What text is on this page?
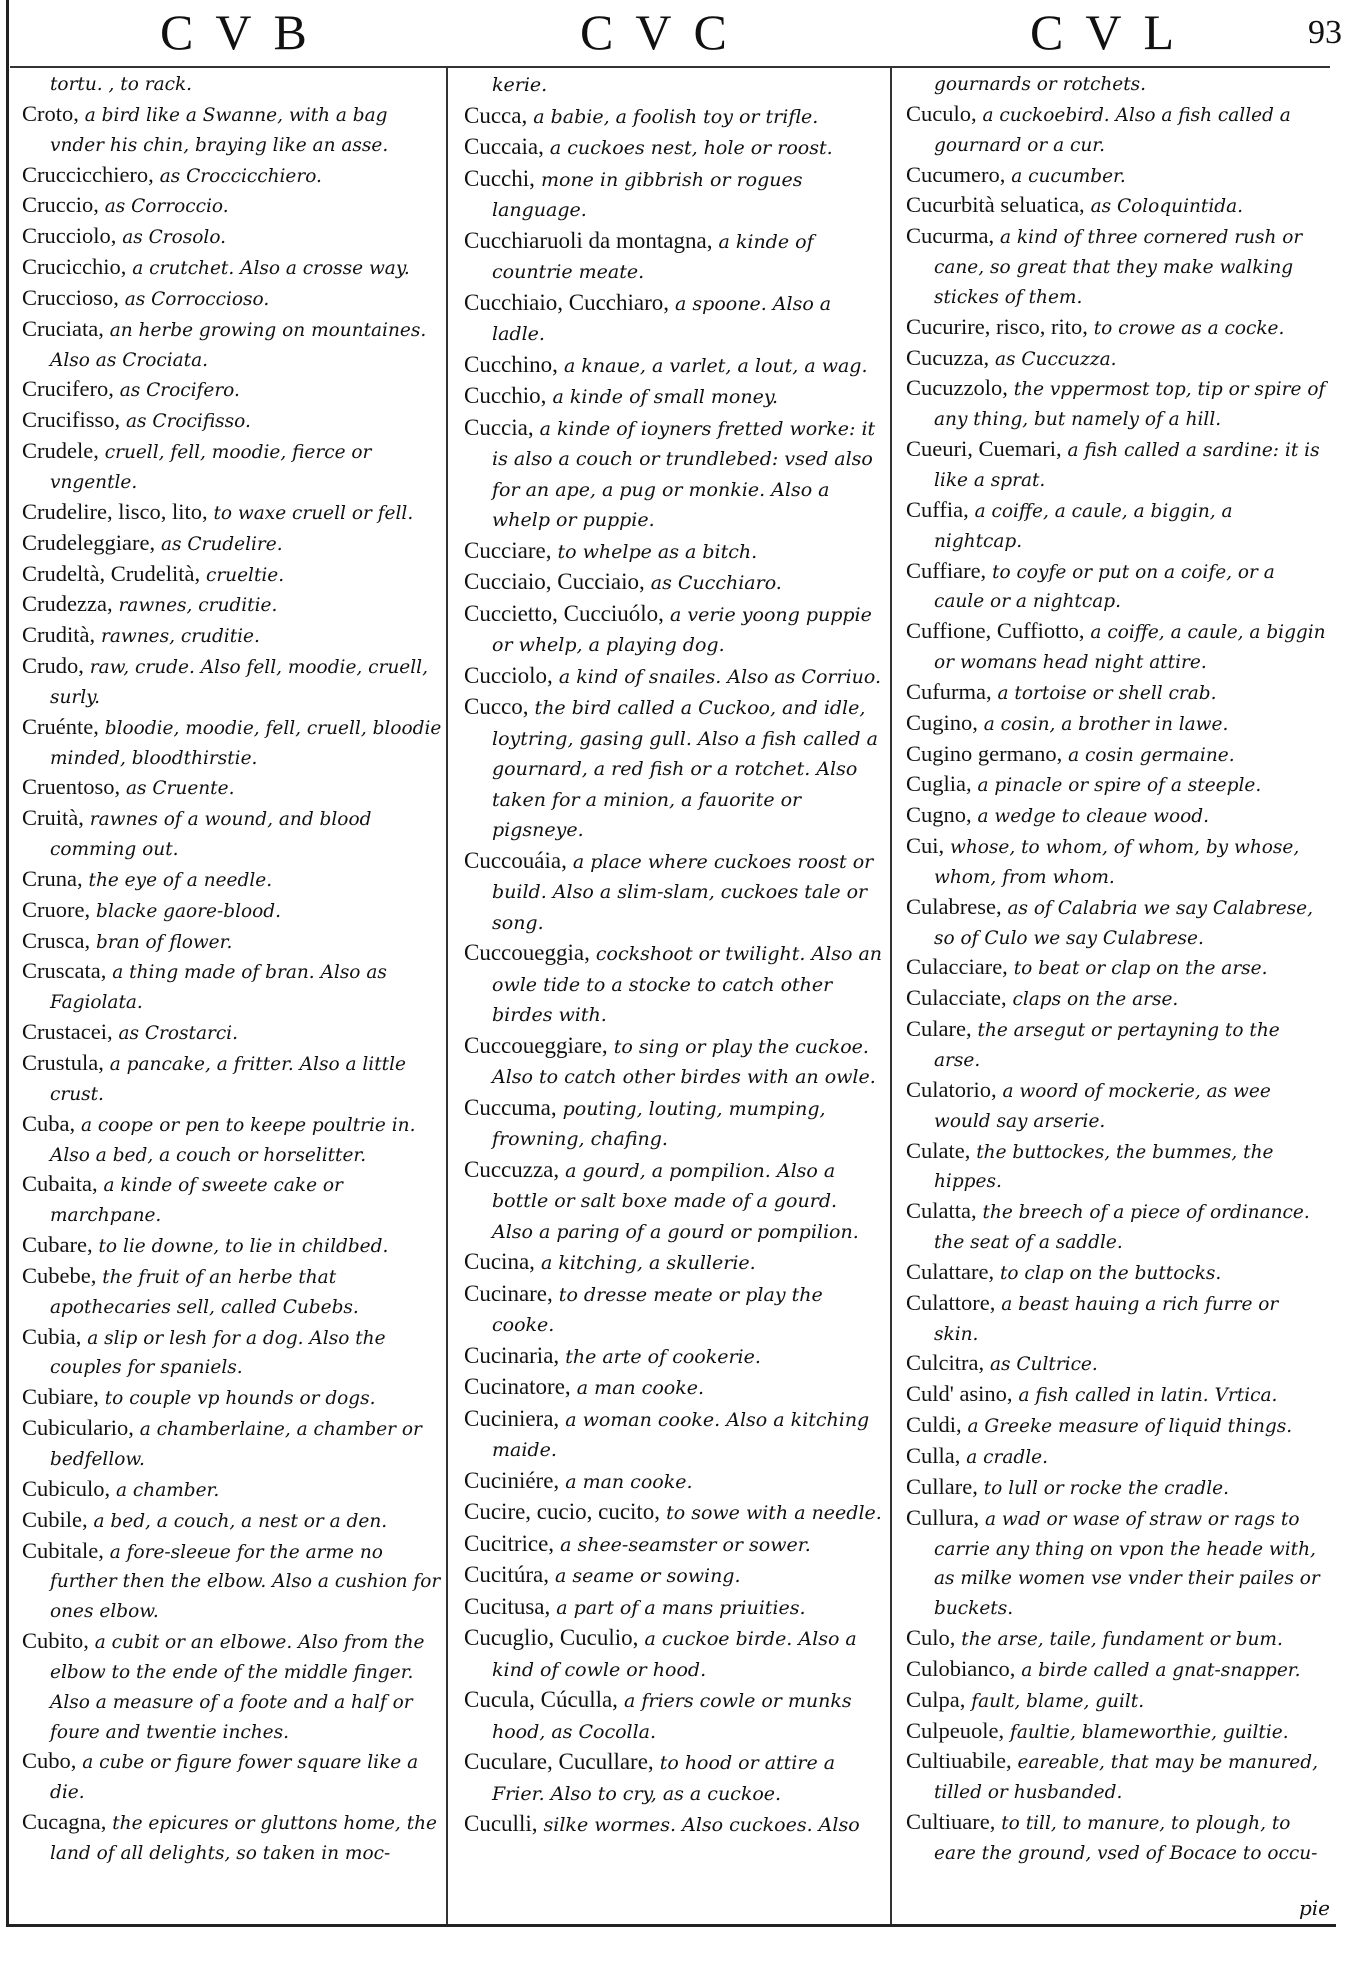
CVB	CVC	CVL	93

tortu. , to rack.

Croto, a bird like a Swanne, with a bag vnder his chin, braying like an asse.

Cruccicchiero, as Croccicchiero.

Cruccio, as Corroccio.

Crucciolo, as Crosolo.

Crucicchio, a crutchet. Also a crosse way.

Cruccioso, as Corroccioso.

Cruciata, an herbe growing on mountaines. Also as Crociata.

Crucifero, as Crocifero.

Crucifisso, as Crocifisso.

Crudele, cruell, fell, moodie, fierce or vngentle.

Crudelire, lisco, lito, to waxe cruell or fell.

Crudeleggiare, as Crudelire.

Crudeltà, Crudelità, crueltie.

Crudezza, rawnes, cruditie.

Crudità, rawnes, cruditie.

Crudo, raw, crude. Also fell, moodie, cruell, surly.

Cruénte, bloodie, moodie, fell, cruell, bloodie minded, bloodthirstie.

Cruentoso, as Cruente.

Cruità, rawnes of a wound, and blood comming out.

Cruna, the eye of a needle.

Cruore, blacke gaore-blood.

Crusca, bran of flower.

Cruscata, a thing made of bran. Also as Fagiolata.

Crustacei, as Crostarci.

Crustula, a pancake, a fritter. Also a little crust.

Cuba, a coope or pen to keepe poultrie in. Also a bed, a couch or horselitter.

Cubaita, a kinde of sweete cake or marchpane.

Cubare, to lie downe, to lie in childbed.

Cubebe, the fruit of an herbe that apothecaries sell, called Cubebs.

Cubia, a slip or lesh for a dog. Also the couples for spaniels.

Cubiare, to couple vp hounds or dogs.

Cubiculario, a chamberlaine, a chamber or bedfellow.

Cubiculo, a chamber.

Cubile, a bed, a couch, a nest or a den.

Cubitale, a fore-sleeue for the arme no further then the elbow. Also a cushion for ones elbow.

Cubito, a cubit or an elbowe. Also from the elbow to the ende of the middle finger. Also a measure of a foote and a half or foure and twentie inches.

Cubo, a cube or figure fower square like a die.

Cucagna, the epicures or gluttons home, the land of all delights, so taken in moc-

kerie.

Cucca, a babie, a foolish toy or trifle.

Cuccaia, a cuckoes nest, hole or roost.

Cucchi, mone in gibbrish or rogues language.

Cucchiaruoli da montagna, a kinde of countrie meate.

Cucchiaio, Cucchiaro, a spoone. Also a ladle.

Cucchino, a knaue, a varlet, a lout, a wag.

Cucchio, a kinde of small money.

Cuccia, a kinde of ioyners fretted worke: it is also a couch or trundlebed: vsed also for an ape, a pug or monkie. Also a whelp or puppie.

Cucciare, to whelpe as a bitch.

Cucciaio, Cucciaio, as Cucchiaro.

Cuccietto, Cucciuólo, a verie yoong puppie or whelp, a playing dog.

Cucciolo, a kind of snailes. Also as Corriuo.

Cucco, the bird called a Cuckoo, and idle, loytring, gasing gull. Also a fish called a gournard, a red fish or a rotchet. Also taken for a minion, a fauorite or pigsneye.

Cuccouáia, a place where cuckoes roost or build. Also a slim-slam, cuckoes tale or song.

Cuccoueggia, cockshoot or twilight. Also an owle tide to a stocke to catch other birdes with.

Cuccoueggiare, to sing or play the cuckoe. Also to catch other birdes with an owle.

Cuccuma, pouting, louting, mumping, frowning, chafing.

Cuccuzza, a gourd, a pompilion. Also a bottle or salt boxe made of a gourd. Also a paring of a gourd or pompilion.

Cucina, a kitching, a skullerie.

Cucinare, to dresse meate or play the cooke.

Cucinaria, the arte of cookerie.

Cucinatore, a man cooke.

Cuciniera, a woman cooke. Also a kitching maide.

Cuciniére, a man cooke.

Cucire, cucio, cucito, to sowe with a needle.

Cucitrice, a shee-seamster or sower.

Cucitúra, a seame or sowing.

Cucitusa, a part of a mans priuities.

Cucuglio, Cuculio, a cuckoe birde. Also a kind of cowle or hood.

Cucula, Cúculla, a friers cowle or munks hood, as Cocolla.

Cuculare, Cucullare, to hood or attire a Frier. Also to cry, as a cuckoe.

Cuculli, silke wormes. Also cuckoes. Also

gournards or rotchets.

Cuculo, a cuckoebird. Also a fish called a gournard or a cur.

Cucumero, a cucumber.

Cucurbità seluatica, as Coloquintida.

Cucurma, a kind of three cornered rush or cane, so great that they make walking stickes of them.

Cucurire, risco, rito, to crowe as a cocke.

Cucuzza, as Cuccuzza.

Cucuzzolo, the vppermost top, tip or spire of any thing, but namely of a hill.

Cueuri, Cuemari, a fish called a sardine: it is like a sprat.

Cuffia, a coiffe, a caule, a biggin, a nightcap.

Cuffiare, to coyfe or put on a coife, or a caule or a nightcap.

Cuffione, Cuffiotto, a coiffe, a caule, a biggin or womans head night attire.

Cufurma, a tortoise or shell crab.

Cugino, a cosin, a brother in lawe.

Cugino germano, a cosin germaine.

Cuglia, a pinacle or spire of a steeple.

Cugno, a wedge to cleaue wood.

Cui, whose, to whom, of whom, by whose, whom, from whom.

Culabrese, as of Calabria we say Calabrese, so of Culo we say Culabrese.

Culacciare, to beat or clap on the arse.

Culacciate, claps on the arse.

Culare, the arsegut or pertayning to the arse.

Culatorio, a woord of mockerie, as wee would say arserie.

Culate, the buttockes, the bummes, the hippes.

Culatta, the breech of a piece of ordinance. the seat of a saddle.

Culattare, to clap on the buttocks.

Culattore, a beast hauing a rich furre or skin.

Culcitra, as Cultrice.

Culd' asino, a fish called in latin. Vrtica.

Culdi, a Greeke measure of liquid things.

Culla, a cradle.

Cullare, to lull or rocke the cradle.

Cullura, a wad or wase of straw or rags to carrie any thing on vpon the heade with, as milke women vse vnder their pailes or buckets.

Culo, the arse, taile, fundament or bum.

Culobianco, a birde called a gnat-snapper.

Culpa, fault, blame, guilt.

Culpeuole, faultie, blameworthie, guiltie.

Cultiuabile, eareable, that may be manured, tilled or husbanded.

Cultiuare, to till, to manure, to plough, to eare the ground, vsed of Bocace to occu-

pie
